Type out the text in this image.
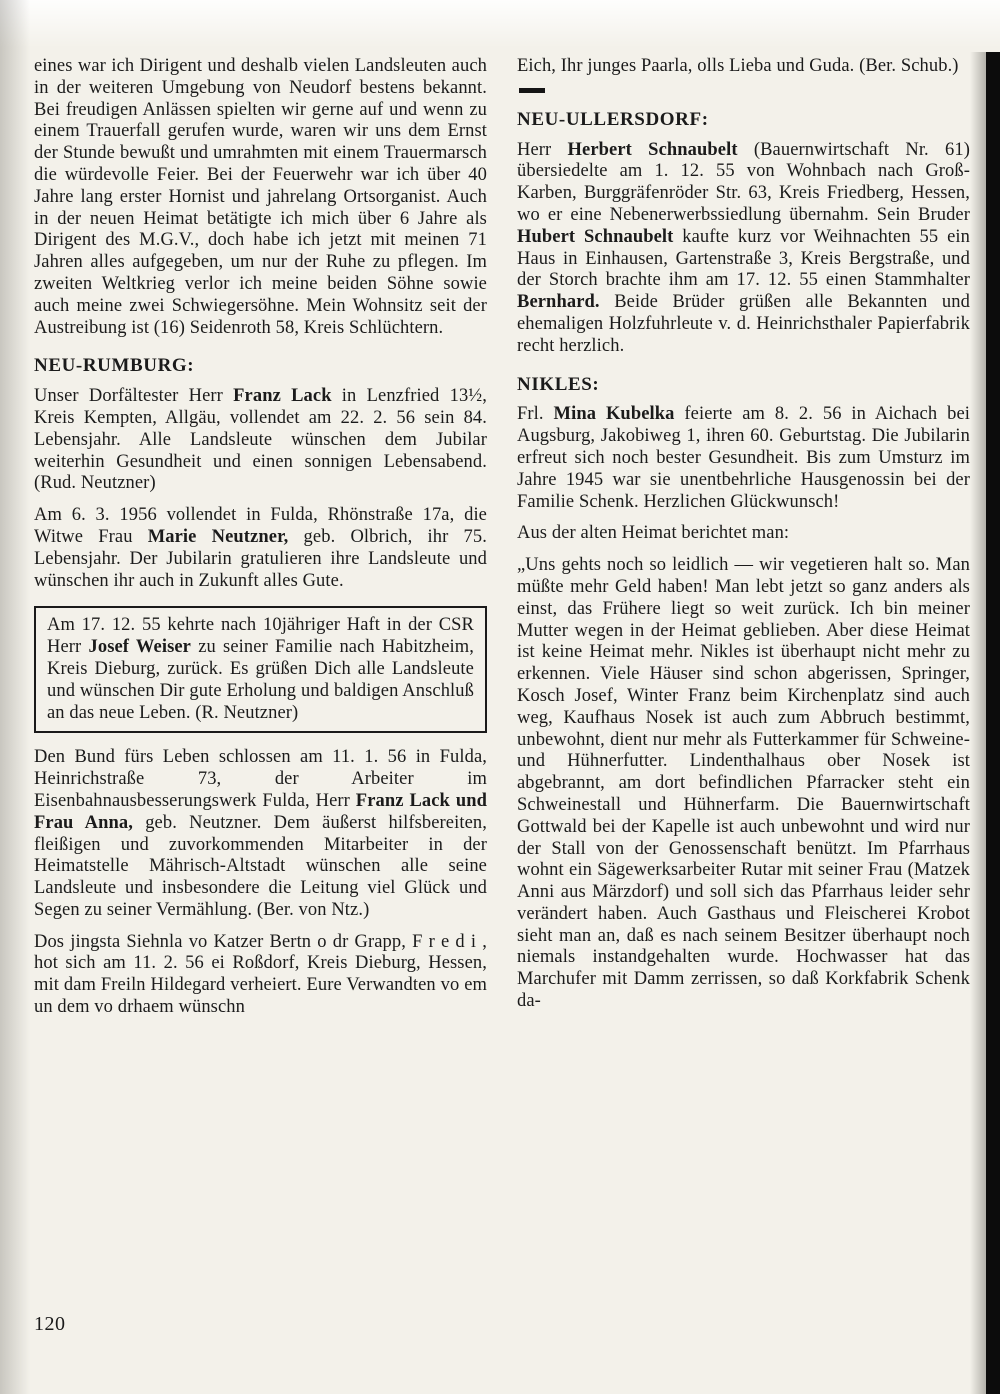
eines war ich Dirigent und deshalb vielen Landsleuten auch in der weiteren Umgebung von Neudorf bestens bekannt. Bei freudigen Anlässen spielten wir gerne auf und wenn zu einem Trauerfall gerufen wurde, waren wir uns dem Ernst der Stunde bewußt und umrahmten mit einem Trauermarsch die würdevolle Feier. Bei der Feuerwehr war ich über 40 Jahre lang erster Hornist und jahrelang Ortsorganist. Auch in der neuen Heimat betätigte ich mich über 6 Jahre als Dirigent des M.G.V., doch habe ich jetzt mit meinen 71 Jahren alles aufgegeben, um nur der Ruhe zu pflegen. Im zweiten Weltkrieg verlor ich meine beiden Söhne sowie auch meine zwei Schwiegersöhne. Mein Wohnsitz seit der Austreibung ist (16) Seidenroth 58, Kreis Schlüchtern.

NEU-RUMBURG:

Unser Dorfältester Herr Franz Lack in Lenzfried 13½, Kreis Kempten, Allgäu, vollendet am 22. 2. 56 sein 84. Lebensjahr. Alle Landsleute wünschen dem Jubilar weiterhin Gesundheit und einen sonnigen Lebensabend. (Rud. Neutzner)

Am 6. 3. 1956 vollendet in Fulda, Rhönstraße 17a, die Witwe Frau Marie Neutzner, geb. Olbrich, ihr 75. Lebensjahr. Der Jubilarin gratulieren ihre Landsleute und wünschen ihr auch in Zukunft alles Gute.

Am 17. 12. 55 kehrte nach 10jähriger Haft in der CSR Herr Josef Weiser zu seiner Familie nach Habitzheim, Kreis Dieburg, zurück. Es grüßen Dich alle Landsleute und wünschen Dir gute Erholung und baldigen Anschluß an das neue Leben. (R. Neutzner)

Den Bund fürs Leben schlossen am 11. 1. 56 in Fulda, Heinrichstraße 73, der Arbeiter im Eisenbahnausbesserungswerk Fulda, Herr Franz Lack und Frau Anna, geb. Neutzner. Dem äußerst hilfsbereiten, fleißigen und zuvorkommenden Mitarbeiter in der Heimatstelle Mährisch-Altstadt wünschen alle seine Landsleute und insbesondere die Leitung viel Glück und Segen zu seiner Vermählung. (Ber. von Ntz.)

Dos jingsta Siehnla vo Katzer Bertn o dr Grapp, F r e d i , hot sich am 11. 2. 56 ei Roßdorf, Kreis Dieburg, Hessen, mit dam Freiln Hildegard verheiert. Eure Verwandten vo em un dem vo drhaem wünschn

Eich, Ihr junges Paarla, olls Lieba und Guda. (Ber. Schub.)

NEU-ULLERSDORF:

Herr Herbert Schnaubelt (Bauernwirtschaft Nr. 61) übersiedelte am 1. 12. 55 von Wohnbach nach Groß-Karben, Burggräfenröder Str. 63, Kreis Friedberg, Hessen, wo er eine Nebenerwerbssiedlung übernahm. Sein Bruder Hubert Schnaubelt kaufte kurz vor Weihnachten 55 ein Haus in Einhausen, Gartenstraße 3, Kreis Bergstraße, und der Storch brachte ihm am 17. 12. 55 einen Stammhalter Bernhard. Beide Brüder grüßen alle Bekannten und ehemaligen Holzfuhrleute v. d. Heinrichsthaler Papierfabrik recht herzlich.

NIKLES:

Frl. Mina Kubelka feierte am 8. 2. 56 in Aichach bei Augsburg, Jakobiweg 1, ihren 60. Geburtstag. Die Jubilarin erfreut sich noch bester Gesundheit. Bis zum Umsturz im Jahre 1945 war sie unentbehrliche Hausgenossin bei der Familie Schenk. Herzlichen Glückwunsch!

Aus der alten Heimat berichtet man:

„Uns gehts noch so leidlich — wir vegetieren halt so. Man müßte mehr Geld haben! Man lebt jetzt so ganz anders als einst, das Frühere liegt so weit zurück. Ich bin meiner Mutter wegen in der Heimat geblieben. Aber diese Heimat ist keine Heimat mehr. Nikles ist überhaupt nicht mehr zu erkennen. Viele Häuser sind schon abgerissen, Springer, Kosch Josef, Winter Franz beim Kirchenplatz sind auch weg, Kaufhaus Nosek ist auch zum Abbruch bestimmt, unbewohnt, dient nur mehr als Futterkammer für Schweine- und Hühnerfutter. Lindenthalhaus ober Nosek ist abgebrannt, am dort befindlichen Pfarracker steht ein Schweinestall und Hühnerfarm. Die Bauernwirtschaft Gottwald bei der Kapelle ist auch unbewohnt und wird nur der Stall von der Genossenschaft benützt. Im Pfarrhaus wohnt ein Sägewerksarbeiter Rutar mit seiner Frau (Matzek Anni aus Märzdorf) und soll sich das Pfarrhaus leider sehr verändert haben. Auch Gasthaus und Fleischerei Krobot sieht man an, daß es nach seinem Besitzer überhaupt noch niemals instandgehalten wurde. Hochwasser hat das Marchufer mit Damm zerrissen, so daß Korkfabrik Schenk da-

120
